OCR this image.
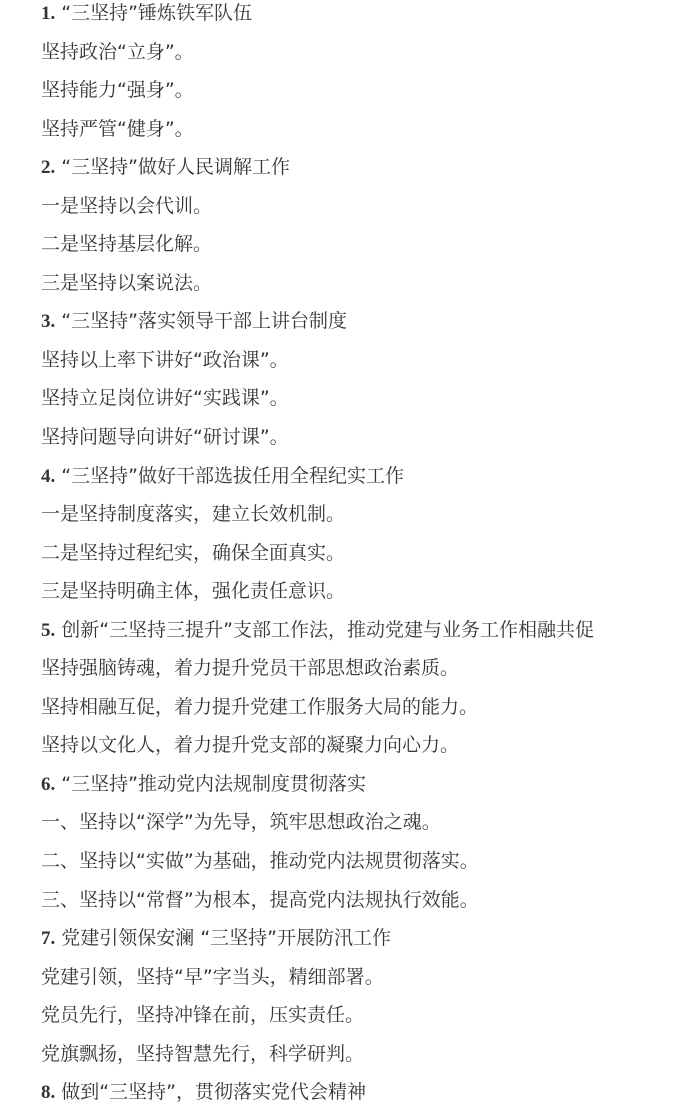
1. “三坚持”锤炼铁军队伍
坚持政治“立身”。
坚持能力“强身”。
坚持严管“健身”。
2. “三坚持”做好人民调解工作
一是坚持以会代训。
二是坚持基层化解。
三是坚持以案说法。
3. “三坚持”落实领导干部上讲台制度
坚持以上率下讲好“政治课”。
坚持立足岗位讲好“实践课”。
坚持问题导向讲好“研讨课”。
4. “三坚持”做好干部选拔任用全程纪实工作
一是坚持制度落实，建立长效机制。
二是坚持过程纪实，确保全面真实。
三是坚持明确主体，强化责任意识。
5. 创新“三坚持三提升”支部工作法，推动党建与业务工作相融共促
坚持强脑铸魂，着力提升党员干部思想政治素质。
坚持相融互促，着力提升党建工作服务大局的能力。
坚持以文化人，着力提升党支部的凝聚力向心力。
6. “三坚持”推动党内法规制度贯彻落实
一、坚持以“深学”为先导，筑牢思想政治之魂。
二、坚持以“实做”为基础，推动党内法规贯彻落实。
三、坚持以“常督”为根本，提高党内法规执行效能。
7. 党建引领保安澜 “三坚持”开展防汛工作
党建引领，坚持“早”字当头，精细部署。
党员先行，坚持冲锋在前，压实责任。
党旗飘扬，坚持智慧先行，科学研判。
8. 做到“三坚持”，贯彻落实党代会精神
